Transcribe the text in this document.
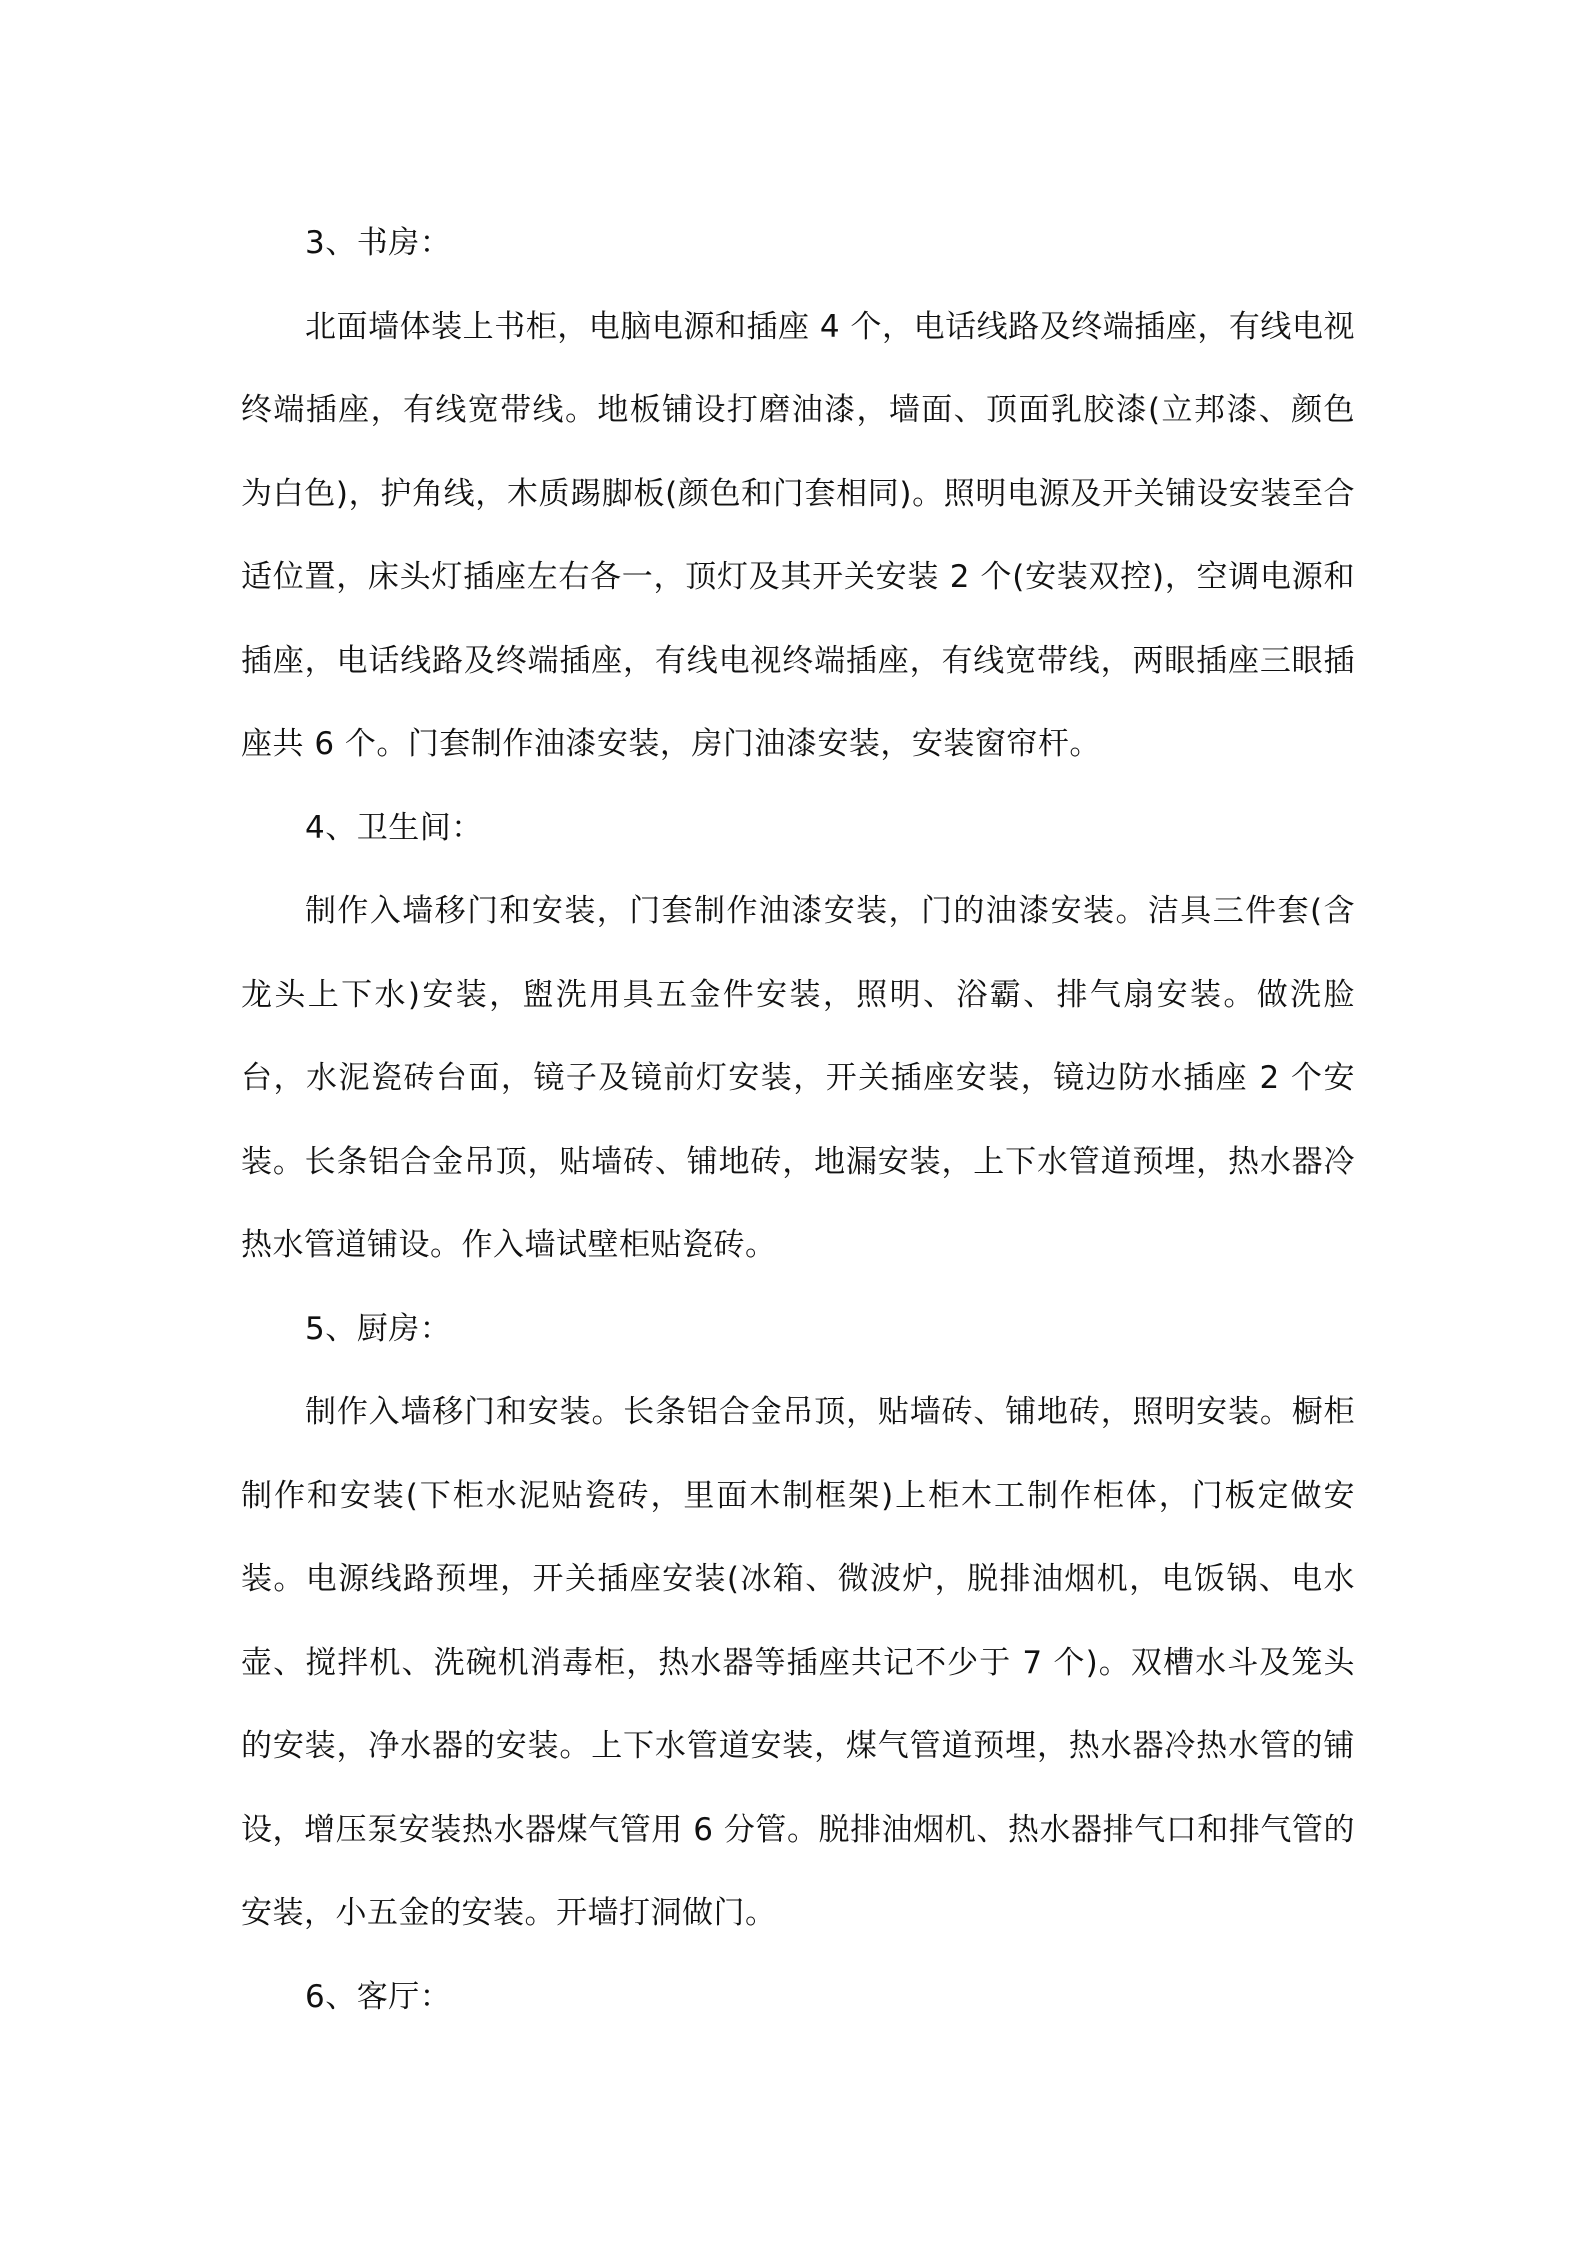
3、书房：

北面墙体装上书柜，电脑电源和插座 4 个，电话线路及终端插座，有线电视终端插座，有线宽带线。地板铺设打磨油漆，墙面、顶面乳胶漆(立邦漆、颜色为白色)，护角线，木质踢脚板(颜色和门套相同)。照明电源及开关铺设安装至合适位置，床头灯插座左右各一，顶灯及其开关安装 2 个(安装双控)，空调电源和插座，电话线路及终端插座，有线电视终端插座，有线宽带线，两眼插座三眼插座共 6 个。门套制作油漆安装，房门油漆安装，安装窗帘杆。

4、卫生间：

制作入墙移门和安装，门套制作油漆安装，门的油漆安装。洁具三件套(含龙头上下水)安装，盥洗用具五金件安装，照明、浴霸、排气扇安装。做洗脸台，水泥瓷砖台面，镜子及镜前灯安装，开关插座安装，镜边防水插座 2 个安装。长条铝合金吊顶，贴墙砖、铺地砖，地漏安装，上下水管道预埋，热水器冷热水管道铺设。作入墙试壁柜贴瓷砖。

5、厨房：

制作入墙移门和安装。长条铝合金吊顶，贴墙砖、铺地砖，照明安装。橱柜制作和安装(下柜水泥贴瓷砖，里面木制框架)上柜木工制作柜体，门板定做安装。电源线路预埋，开关插座安装(冰箱、微波炉，脱排油烟机，电饭锅、电水壶、搅拌机、洗碗机消毒柜，热水器等插座共记不少于 7 个)。双槽水斗及笼头的安装，净水器的安装。上下水管道安装，煤气管道预埋，热水器冷热水管的铺设，增压泵安装热水器煤气管用 6 分管。脱排油烟机、热水器排气口和排气管的安装，小五金的安装。开墙打洞做门。

6、客厅：
